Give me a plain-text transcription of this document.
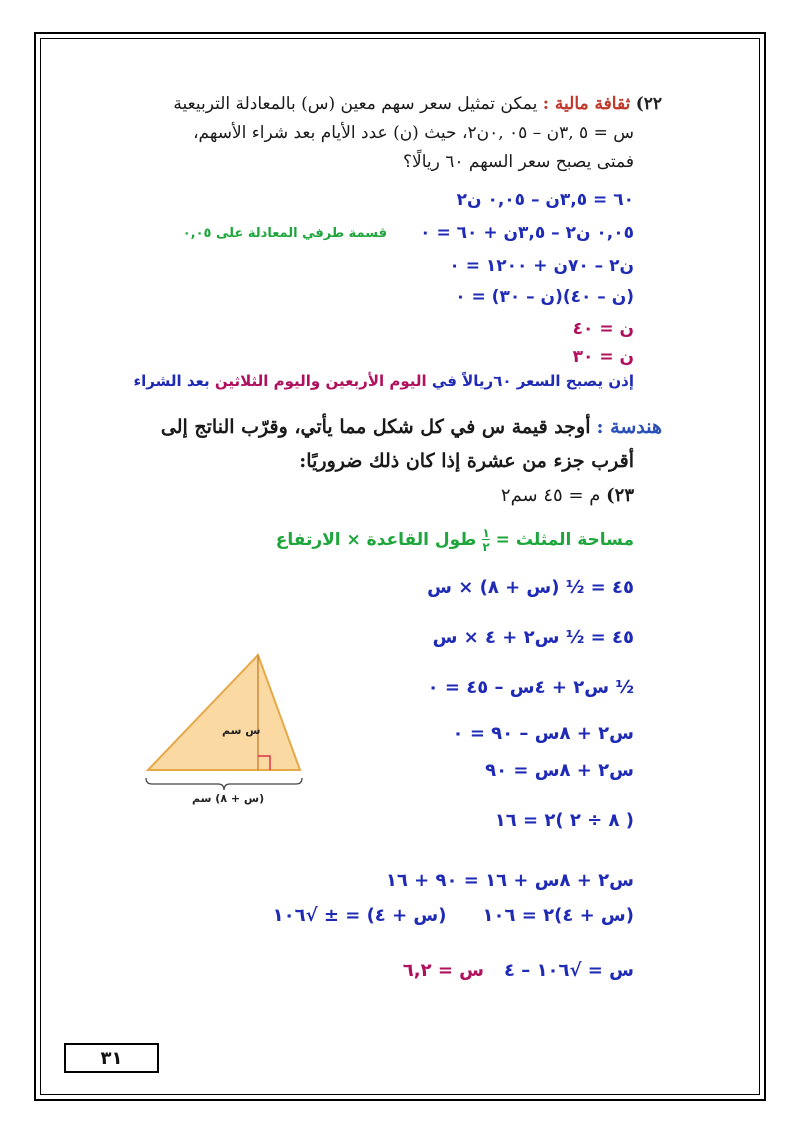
٢٢) ثقافة مالية : يمكن تمثيل سعر سهم معين (س) بالمعادلة التربيعية
س = ٥ ,٣ن – ٠٥ ,٠ن٢، حيث (ن) عدد الأيام بعد شراء الأسهم،
فمتى يصبح سعر السهم ٦٠ ريالًا؟
٦٠ = ٣,٥ن – ٠,٠٥ ن٢
٠,٠٥ ن٢ – ٣,٥ن + ٦٠ = ٠
قسمة طرفي المعادلة على ٠,٠٥
ن٢ – ٧٠ن + ١٢٠٠ = ٠
(ن – ٤٠)(ن – ٣٠) = ٠
ن = ٤٠
ن = ٣٠
إذن يصبح السعر ٦٠ريالاً في اليوم الأربعين واليوم الثلاثين بعد الشراء
هندسة : أوجد قيمة س في كل شكل مما يأتي، وقرّب الناتج إلى
أقرب جزء من عشرة إذا كان ذلك ضروريًا:
٢٣) م = ٤٥ سم٢
مساحة المثلث =
١
٢
طول القاعدة × الارتفاع
٤٥ = ½ (س + ٨) × س
٤٥ = ½ س٢ + ٤ × س
½ س٢ + ٤س – ٤٥ = ٠
س٢ + ٨س – ٩٠ = ٠
س٢ + ٨س = ٩٠
( ٨ ÷ ٢ )٢ = ١٦
س٢ + ٨س + ١٦ = ٩٠ + ١٦
(س + ٤)٢ = ١٠٦
(س + ٤) = ± √١٠٦
س = √١٠٦ – ٤
س = ٦,٢
س سم
(س + ٨) سم
٣١
